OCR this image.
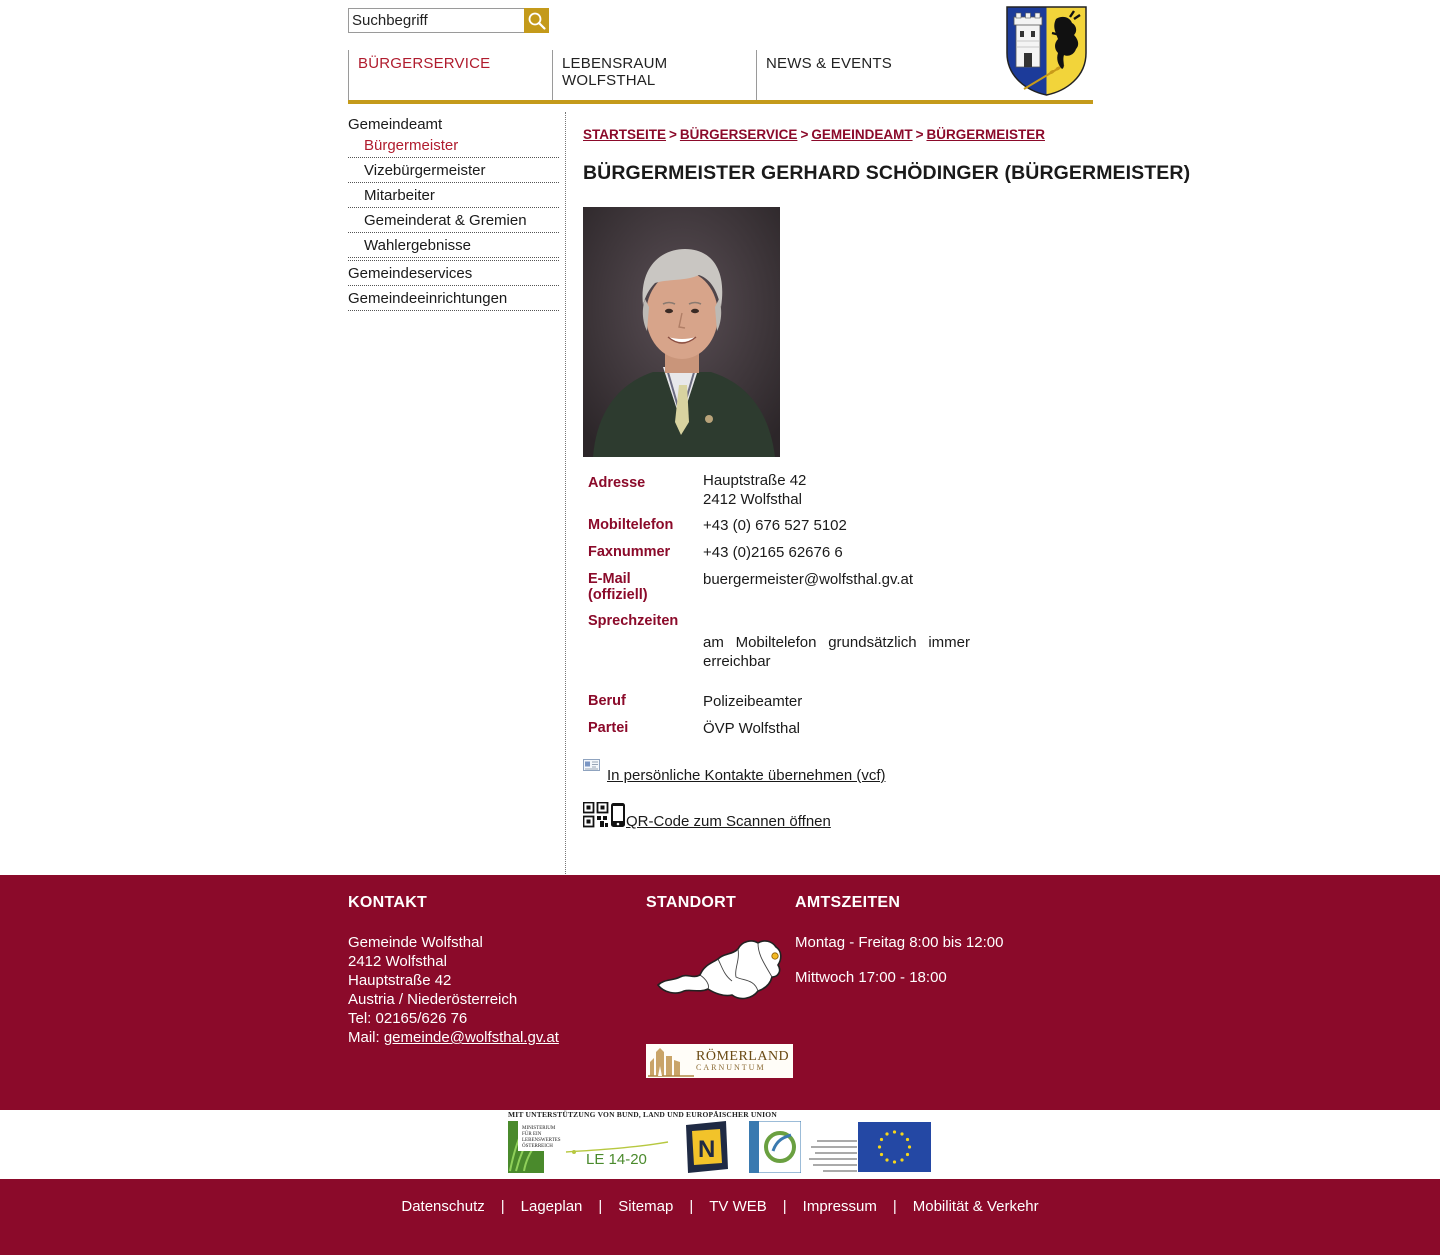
Suchbegriff
BÜRGERSERVICE	LEBENSRAUM WOLFSTHAL
NEWS & EVENTS
Gemeindeamt
Bürgermeister
Vizebürgermeister
Mitarbeiter
Gemeinderat & Gremien
Wahlergebnisse
Gemeindeservices
Gemeindeeinrichtungen
STARTSEITE > BÜRGERSERVICE > GEMEINDEAMT > BÜRGERMEISTER
BÜRGERMEISTER GERHARD SCHÖDINGER (BÜRGERMEISTER)
Adresse	Hauptstraße 42
2412 Wolfsthal

Mobiltelefon	+43 (0) 676 527 5102
Faxnummer	+43 (0)2165 62676 6
E-Mail (offiziell)	buergermeister@wolfsthal.gv.at
Sprechzeiten	am Mobiltelefon grundsätzlich immer erreichbar
Beruf	Polizeibeamter
Partei	ÖVP Wolfsthal
In persönliche Kontakte übernehmen (vcf)
QR-Code zum Scannen öffnen
KONTAKT
Gemeinde Wolfsthal
2412 Wolfsthal
Hauptstraße 42
Austria / Niederösterreich
Tel: 02165/626 76
Mail: gemeinde@wolfsthal.gv.at
STANDORT	AMTSZEITEN
Montag - Freitag 8:00 bis 12:00
Mittwoch 17:00 - 18:00
RÖMERLAND
CARNUNTUM
MIT UNTERSTÜTZUNG VON BUND, LAND UND EUROPÄISCHER UNION
MINISTERIUM
FÜR EIN
LEBENSWERTES
ÖSTERREICH
LE 14-20 N
Datenschutz | Lageplan | Sitemap | TV WEB | Impressum | Mobilität & Verkehr
